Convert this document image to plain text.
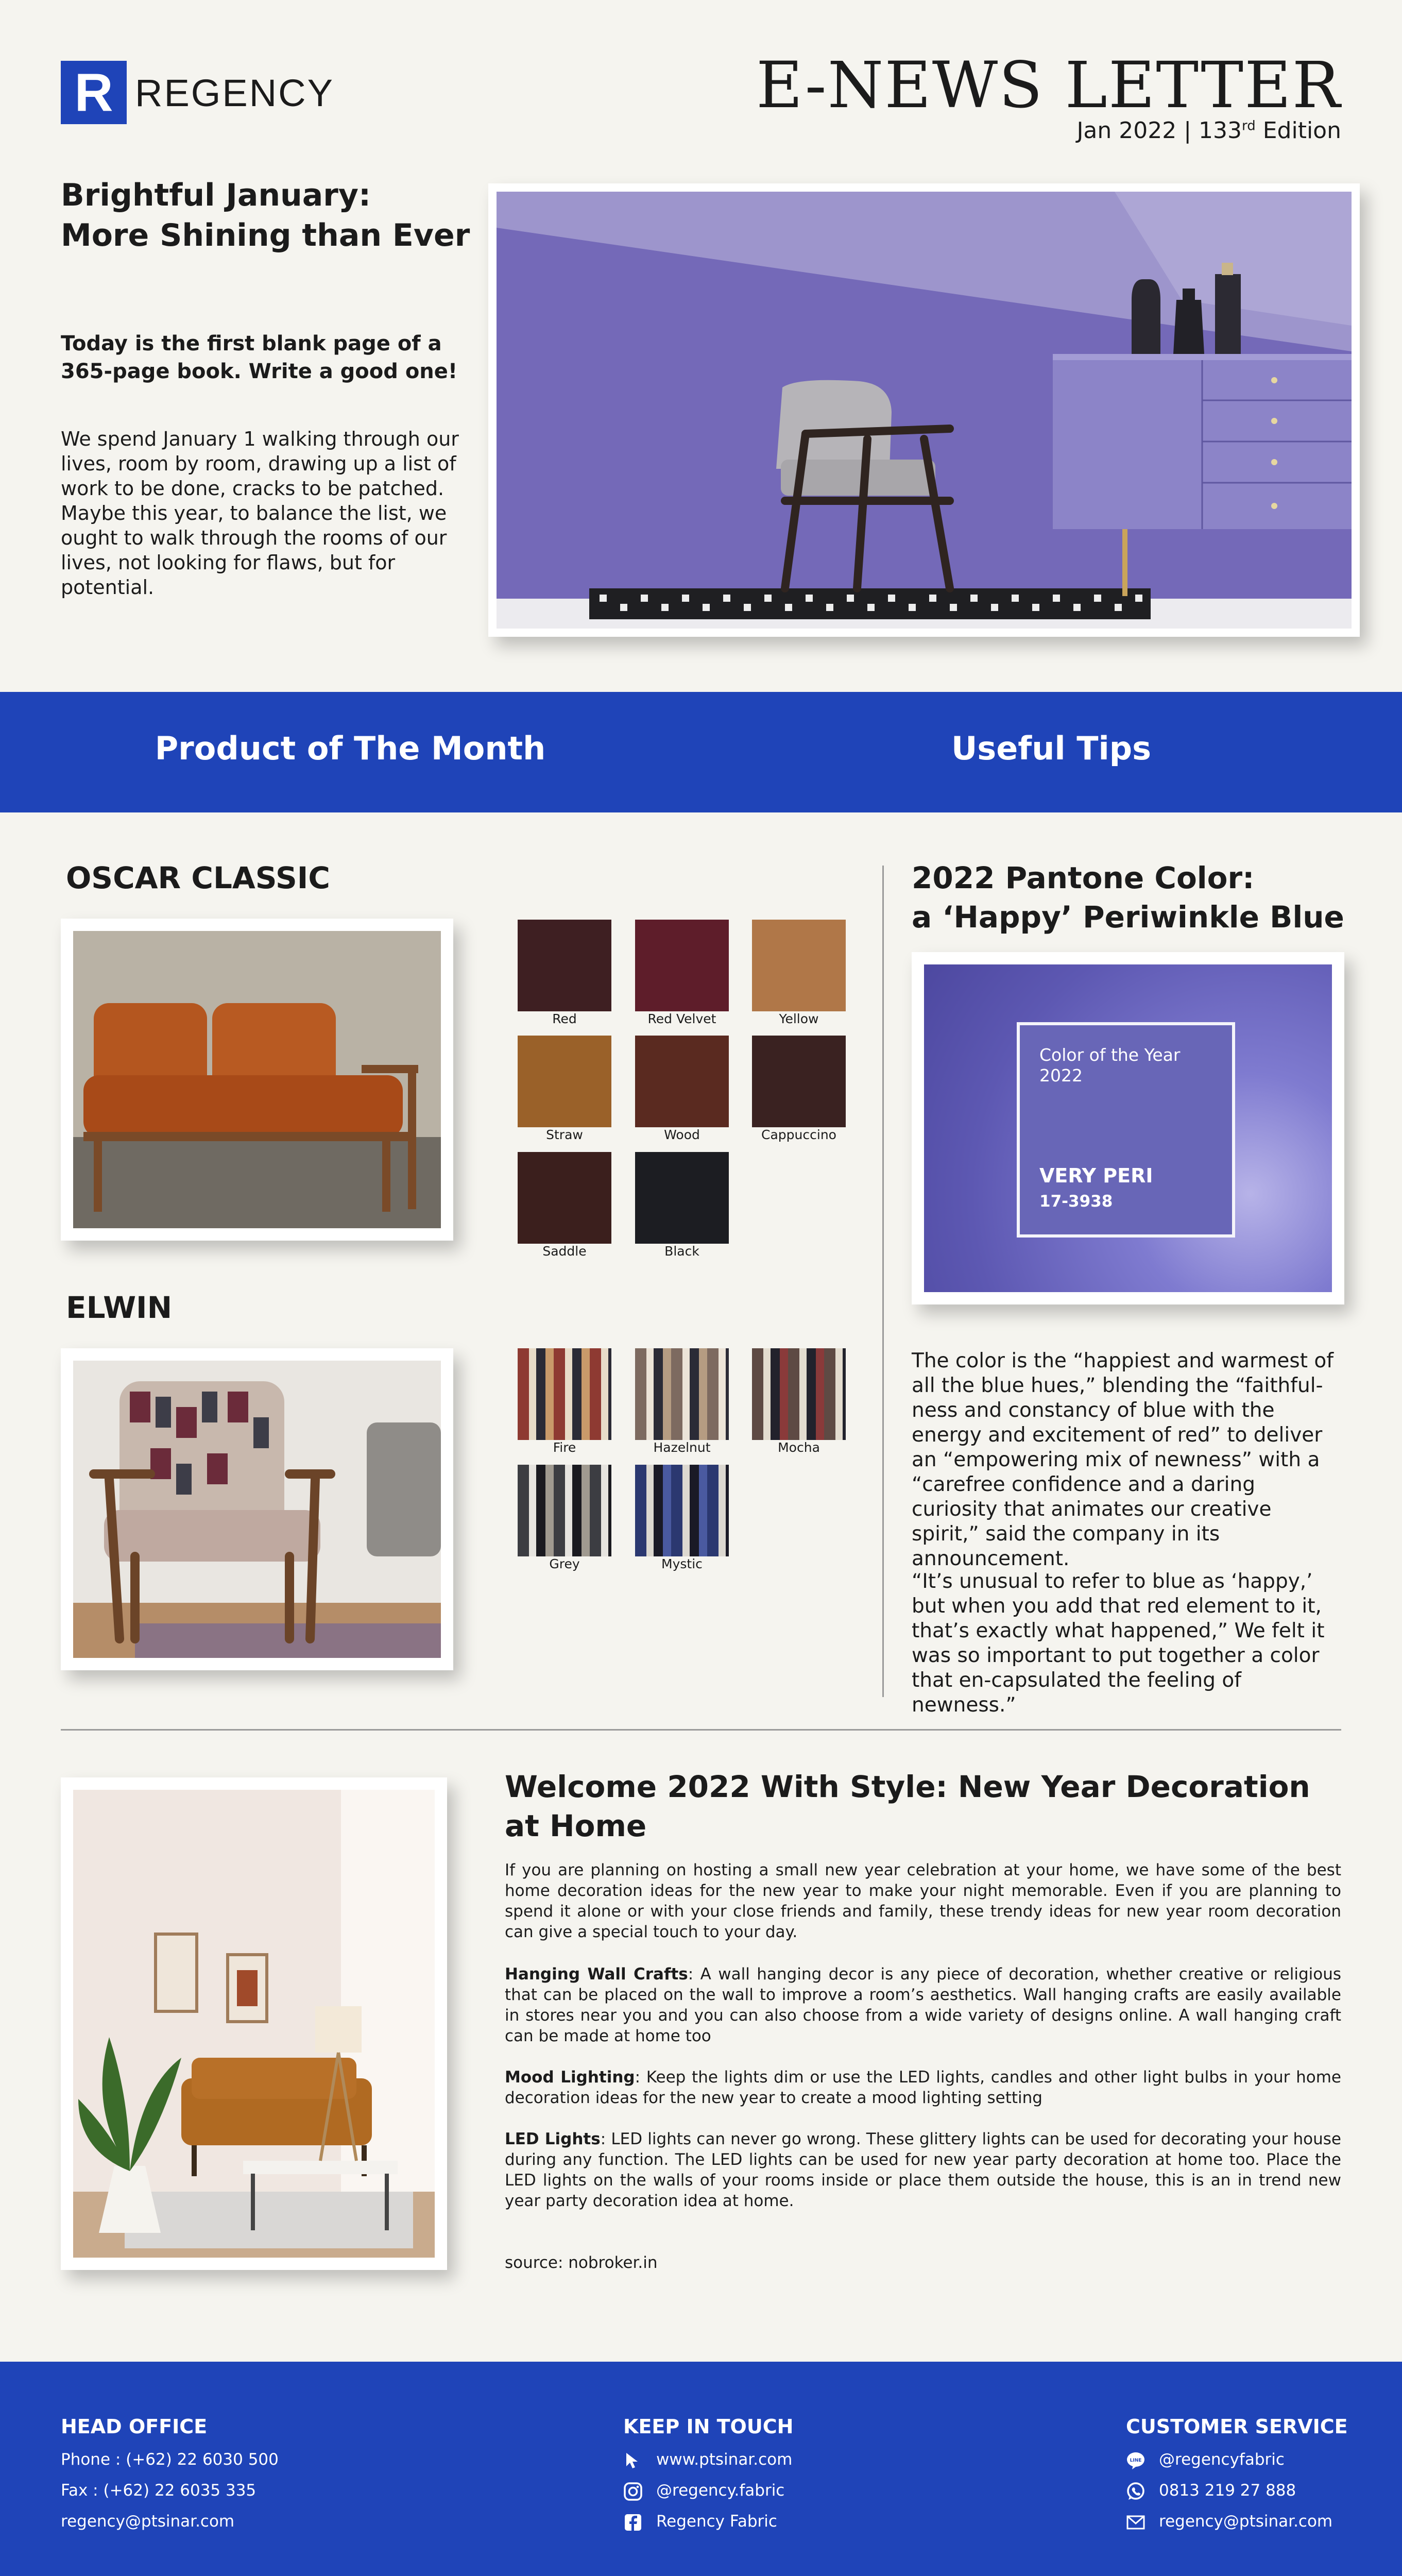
R REGENCY	E-NEWS LETTER
Jan 2022 | 133rd Edition
Brightful January:
More Shining than Ever

Today is the first blank page of a 365-page book. Write a good one!

We spend January 1 walking through our lives, room by room, drawing up a list of work to be done, cracks to be patched. Maybe this year, to balance the list, we ought to walk through the rooms of our lives, not looking for flaws, but for potential.

Product of The Month	Useful Tips
OSCAR CLASSIC
Red	Red Velvet	Yellow
Straw	Wood	Cappuccino
Saddle	Black
ELWIN
Fire	Hazelnut	Mocha
Grey	Mystic
2022 Pantone Color:
a ‘Happy’ Periwinkle Blue
Color of the Year 2022
VERY PERI
17-3938

The color is the “happiest and warmest of all the blue hues,” blending the “faithful-ness and constancy of blue with the energy and excitement of red” to deliver an “empowering mix of newness” with a “carefree confidence and a daring curiosity that animates our creative spirit,” said the company in its announcement.

“It’s unusual to refer to blue as ‘happy,’ but when you add that red element to it, that’s exactly what happened,” We felt it was so important to put together a color that en-capsulated the feeling of newness.”

Welcome 2022 With Style: New Year Decoration at Home

If you are planning on hosting a small new year celebration at your home, we have some of the best home decoration ideas for the new year to make your night memorable. Even if you are planning to spend it alone or with your close friends and family, these trendy ideas for new year room decoration can give a special touch to your day.

Hanging Wall Crafts: A wall hanging decor is any piece of decoration, whether creative or religious that can be placed on the wall to improve a room’s aesthetics. Wall hanging crafts are easily available in stores near you and you can also choose from a wide variety of designs online. A wall hanging craft can be made at home too

Mood Lighting: Keep the lights dim or use the LED lights, candles and other light bulbs in your home decoration ideas for the new year to create a mood lighting setting

LED Lights: LED lights can never go wrong. These glittery lights can be used for decorating your house during any function. The LED lights can be used for new year party decoration at home too. Place the LED lights on the walls of your rooms inside or place them outside the house, this is an in trend new year party decoration idea at home.

source: nobroker.in

HEAD OFFICE
Phone : (+62) 22 6030 500
Fax : (+62) 22 6035 335
regency@ptsinar.com
KEEP IN TOUCH
www.ptsinar.com
@regency.fabric
Regency Fabric
CUSTOMER SERVICE
LINE @regencyfabric
0813 219 27 888
regency@ptsinar.com
